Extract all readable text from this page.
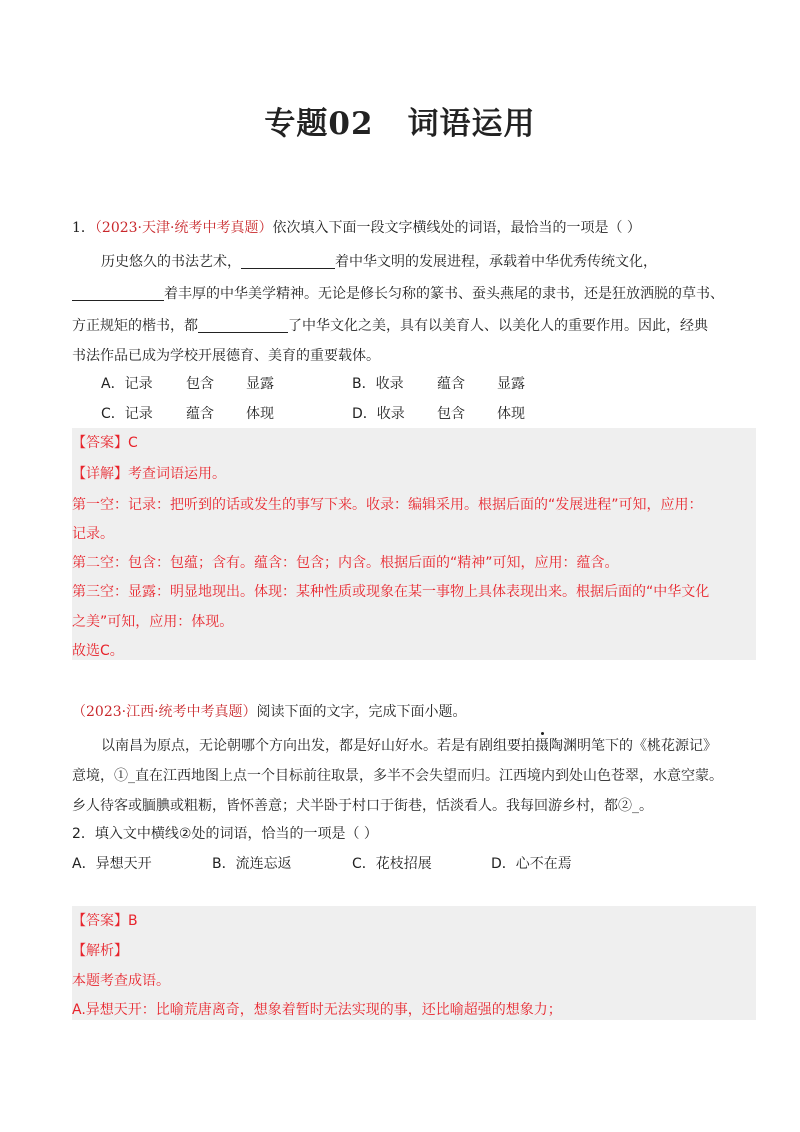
专题02 词语运用
1．（2023·天津·统考中考真题）依次填入下面一段文字横线处的词语，最恰当的一项是（ ）
历史悠久的书法艺术，	着中华文明的发展进程，承载着中华优秀传统文化，
着丰厚的中华美学精神。无论是修长匀称的篆书、蚕头燕尾的隶书，还是狂放洒脱的草书、
方正规矩的楷书，都	了中华文化之美，具有以美育人、以美化人的重要作用。因此，经典
书法作品已成为学校开展德育、美育的重要载体。
A．记录 包含 显露	B．收录 蕴含 显露
C．记录 蕴含 体现	D．收录 包含 体现
【答案】C
【详解】考查词语运用。
第一空：记录：把听到的话或发生的事写下来。收录：编辑采用。根据后面的“发展进程”可知，应用：
记录。
第二空：包含：包蕴；含有。蕴含：包含；内含。根据后面的“精神”可知，应用：蕴含。
第三空：显露：明显地现出。体现：某种性质或现象在某一事物上具体表现出来。根据后面的“中华文化
之美”可知，应用：体现。
故选C。
（2023·江西·统考中考真题）阅读下面的文字，完成下面小题。
以南昌为原点，无论朝哪个方向出发，都是好山好水。若是有剧组要拍摄陶渊明笔下的《桃花源记》
意境，①_直在江西地图上点一个目标前往取景，多半不会失望而归。江西境内到处山色苍翠，水意空蒙。
乡人待客或腼腆或粗粝，皆怀善意；犬半卧于村口于街巷，恬淡看人。我每回游乡村，都②_。
2．填入文中横线②处的词语，恰当的一项是（ ）
A．异想天开	B．流连忘返	C．花枝招展	D．心不在焉
【答案】B
【解析】
本题考查成语。
A.异想天开：比喻荒唐离奇，想象着暂时无法实现的事，还比喻超强的想象力；
